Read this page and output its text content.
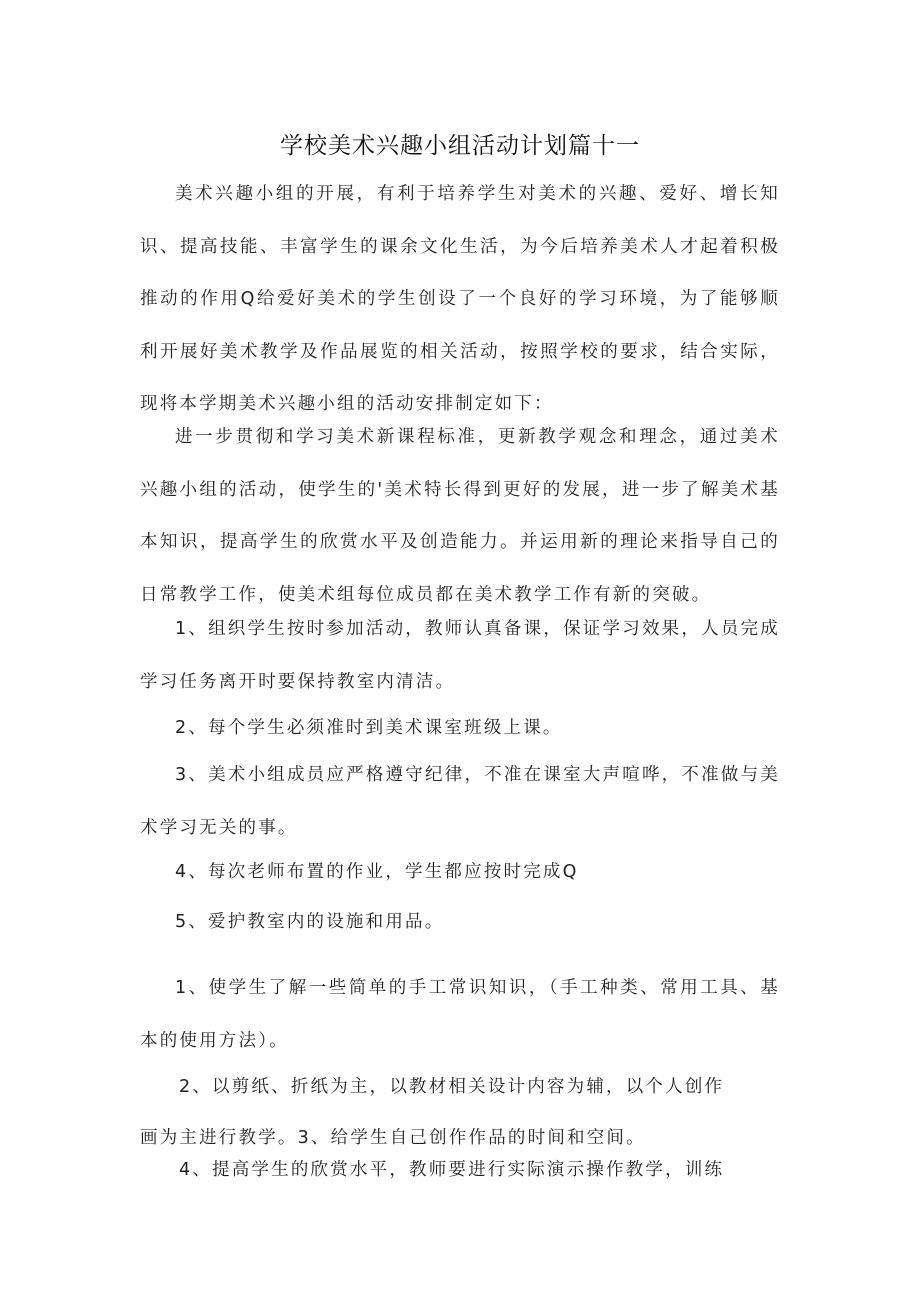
学校美术兴趣小组活动计划篇十一

美术兴趣小组的开展，有利于培养学生对美术的兴趣、爱好、增长知识、提高技能、丰富学生的课余文化生活，为今后培养美术人才起着积极推动的作用Q给爱好美术的学生创设了一个良好的学习环境，为了能够顺利开展好美术教学及作品展览的相关活动，按照学校的要求，结合实际，现将本学期美术兴趣小组的活动安排制定如下：

进一步贯彻和学习美术新课程标准，更新教学观念和理念，通过美术兴趣小组的活动，使学生的'美术特长得到更好的发展，进一步了解美术基本知识，提高学生的欣赏水平及创造能力。并运用新的理论来指导自己的日常教学工作，使美术组每位成员都在美术教学工作有新的突破。

1、组织学生按时参加活动，教师认真备课，保证学习效果，人员完成学习任务离开时要保持教室内清洁。

2、每个学生必须准时到美术课室班级上课。

3、美术小组成员应严格遵守纪律，不准在课室大声喧哗，不准做与美术学习无关的事。

4、每次老师布置的作业，学生都应按时完成Q

5、爱护教室内的设施和用品。

1、使学生了解一些简单的手工常识知识，（手工种类、常用工具、基本的使用方法）。

2、以剪纸、折纸为主，以教材相关设计内容为辅，以个人创作
画为主进行教学。3、给学生自己创作作品的时间和空间。
4、提高学生的欣赏水平，教师要进行实际演示操作教学，训练
